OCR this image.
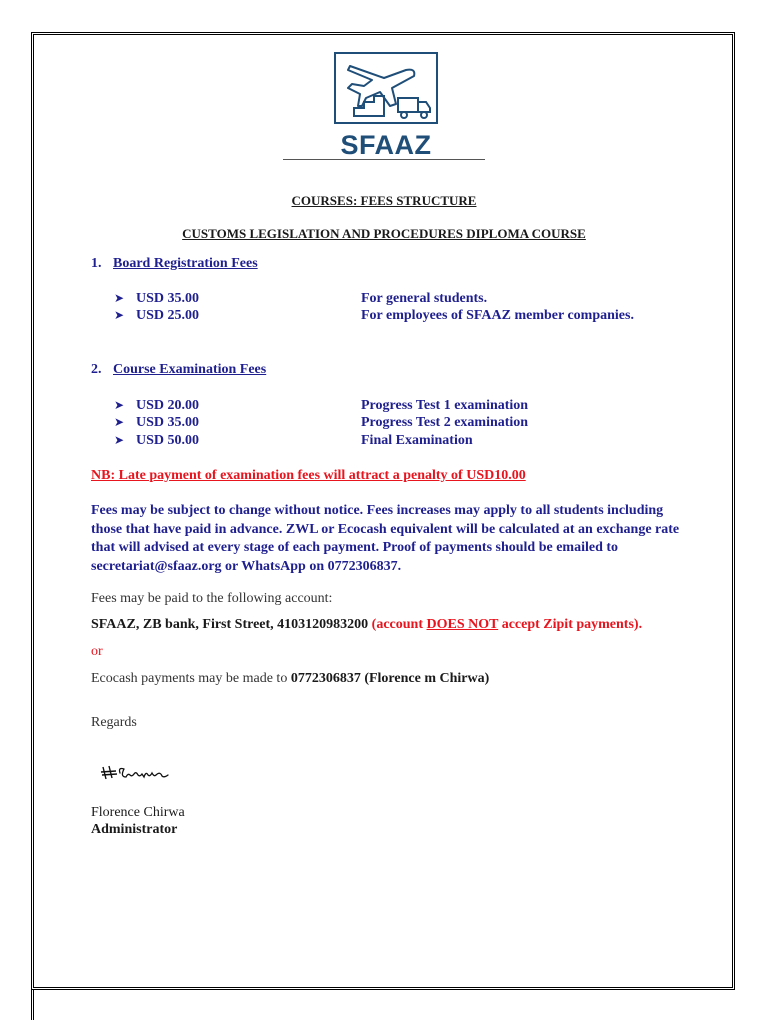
SFAAZ
COURSES: FEES STRUCTURE
CUSTOMS LEGISLATION AND PROCEDURES DIPLOMA COURSE
1. Board Registration Fees
➤ USD 35.00	For general students.
➤ USD 25.00	For employees of SFAAZ member companies.
2. Course Examination Fees
➤ USD 20.00	Progress Test 1 examination
➤ USD 35.00	Progress Test 2 examination
➤ USD 50.00	Final Examination
NB: Late payment of examination fees will attract a penalty of USD10.00
Fees may be subject to change without notice. Fees increases may apply to all students including those that have paid in advance. ZWL or Ecocash equivalent will be calculated at an exchange rate that will advised at every stage of each payment. Proof of payments should be emailed to secretariat@sfaaz.org or WhatsApp on 0772306837.
Fees may be paid to the following account:
SFAAZ, ZB bank, First Street, 4103120983200 (account DOES NOT accept Zipit payments).
or
Ecocash payments may be made to 0772306837 (Florence m Chirwa)
Regards
Florence Chirwa
Administrator
